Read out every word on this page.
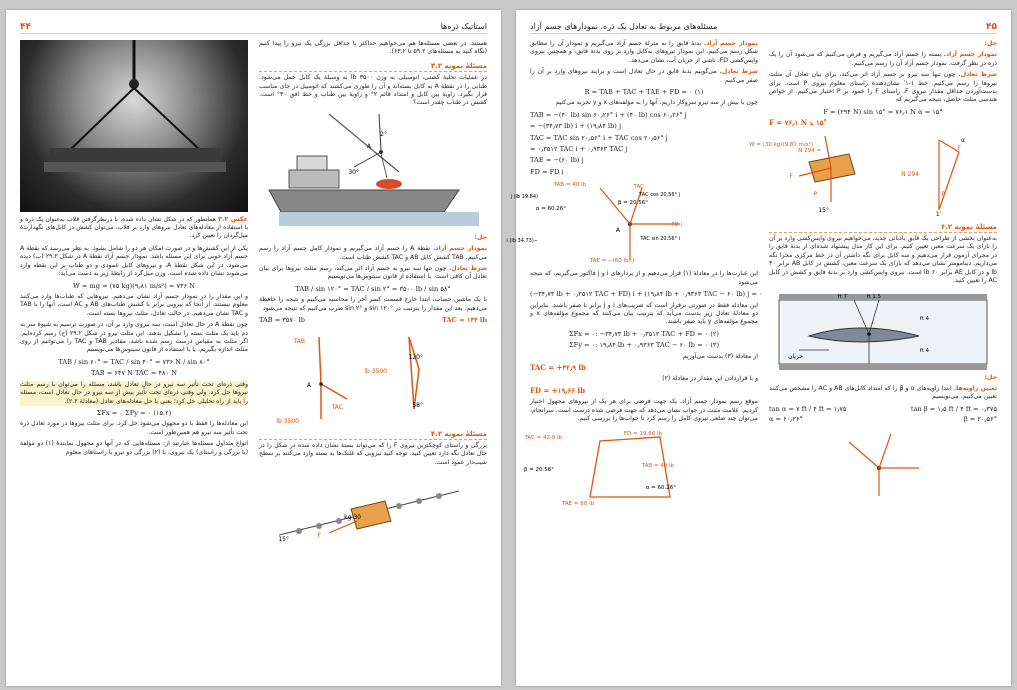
۴۴	استاتیک ذره‌ها
هستند. در بعضی مسئله‌ها هم می‌خواهیم حداکثر یا حداقل بزرگی یک نیرو را پیدا کنیم (نگاه کنید به مسئله‌های ۵۹.۲ تا ۶۳.۲).
مسئلهٔ نمونه ۳.۲
در عملیات تخلیهٔ کشتی، اتومبیلی به وزن ۳۵۰۰ lb به وسیلهٔ یک کابل حمل می‌شود. طنابی را در نقطهٔ A به کابل بسته‌اند و آن را طوری می‌کشند که اتومبیل در جای مناسب قرار بگیرد. زاویهٔ بین کابل و امتداد قائم ۲° و زاویهٔ بین طناب و خط افق ۳۰° است. کشش در طناب چقدر است؟
A
2°
30°
حل:
نمودار جسم آزاد. نقطهٔ A را جسم آزاد می‌گیریم و نمودار کامل جسم آزاد را رسم می‌کنیم. TAB کشش کابل AB و TAC کشش طناب است.
شرط تعادل. چون تنها سه نیرو به جسم آزاد اثر می‌کند، رسم مثلث نیروها برای بیان تعادل آن کافی است. با استفاده از قانون سینوس‌ها می‌نویسیم
TAB / sin ۱۲۰° = TAC / sin ۲° = ۳۵۰۰ lb / sin ۵۸°
با یک ماشین حساب، ابتدا خارج قسمت کسر آخر را محاسبه می‌کنیم و نتیجه را حافظهٔ می‌دهیم. بعد این مقدار را بترتیب در sin ۱۲۰° و sin ۲° ضرب می‌کنیم که نتیجه می‌شود
TAB = ۳۵۷۰ lb	TAC = ۱۴۴ lb
TAB
A
TAC
3500 lb
3500 lb
120°
58°
مسئلهٔ نمونه ۴.۲
بزرگی و راستای کوچکترین نیروی F را که می‌تواند بستهٔ نشان داده شده در شکل را در حال تعادل نگه دارد تعیین کنید. توجه کنید نیرویی که غلتک‌ها به بسته وارد می‌کنند بر سطح شیب‌دار عمود است.
30 kg
F
15°
عکس ۲.۲ همانطور که در شکل نشان داده شده، با درنظرگرفتن قلاب به‌عنوان یک ذره و با استفاده از معادله‌های تعادل نیروهای وارد بر قلاب، می‌توان کشش در کابل‌های نگهدارندهٔ میل‌گردان را تعیین کرد.
یکی از این کشش‌ها و در صورت امکان هر دو را شامل بشود. به نظر می‌رسد که نقطهٔ A جسم آزاد خوبی برای این مسئله باشد. نمودار جسم آزاد نقطهٔ A در شکل ۲۹.۲ (ب) دیده می‌شود. در این شکل نقطهٔ A، و نیروهای کابل عمودی و دو طناب بر این نقطه وارد می‌شوند نشان داده شده است. وزن میل‌گرد از رابطهٔ زیر به دست می‌آید:
W = mg = (۷۵ kg)(۹٫۸۱ m/s²) = ۷۳۶ N
و این مقدار را در نمودار جسم آزاد نشان می‌دهیم. نیروهایی که طناب‌ها وارد می‌کنند معلوم نیستند. از آنجا که نیرویی برابر با کشش طناب‌های AB و AC است، آنها را با TAB و TAC نشان می‌دهیم. در حالت تعادل، مثلث نیروها بسته است.
چون نقطهٔ A در حال تعادل است، سه نیروی وارد بر آن، در صورت ترسیم به شیوهٔ سر به دم باید یک مثلث بسته را تشکیل بدهند. این مثلث نیرو در شکل ۲۹.۲ (ج) رسم کرده‌ایم. اگر مثلث به مقیاس درست رسم شده باشد، مقادیر TAB و TAC را می‌توانیم از روی مثلث اندازه بگیریم، یا با استفاده از قانون سینوس‌ها می‌نویسیم
TAB / sin ۶۰° = TAC / sin ۴۰° = ۷۳۶ N / sin ۸۰°
TAB = ۶۴۷ N TAC = ۴۸۰ N
وقتی ذره‌ای تحت تأثیر سه نیرو در حال تعادل باشد، مسئله را می‌توان با رسم مثلث نیروها حل کرد. ولی وقتی ذره‌ای تحت تأثیر بیش از سه نیرو در حال تعادل است، مسئله را باید از راه تحلیلی حل کرد؛ یعنی با حل معادله‌های تعادل (معادلهٔ ۲.۲).
ΣFx = ۰ ΣFy = ۰ (۱۵.۲)
این معادله‌ها را فقط با دو مجهول می‌شود حل کرد. برای مثلث نیروها در مورد تعادل ذره تحت تأثیر سه نیرو هم همین‌طور است.
انواع متداول مسئله‌ها عبارتند از: مسئله‌هایی که در آنها دو مجهول نمایندهٔ (۱) دو مؤلفهٔ (یا بزرگی و راستای) یک نیروی، یا (۲) بزرگی دو نیرو با راستاهای معلوم
مسئله‌های مربوط به تعادل یک ذره. نمودارهای جسم آزاد	۴۵
حل:
نمودار جسم آزاد. بسته را جسم آزاد می‌گیریم و فرض می‌کنیم که می‌شود آن را یک ذره در نظر گرفت. نمودار جسم آزاد آن را رسم می‌کنیم.
شرط تعادل. چون تنها سه نیرو بر جسم آزاد اثر می‌کند، برای بیان تعادل آن مثلث نیروها را رسم می‌کنیم. خط ۱-۱′ نشان‌دهندهٔ راستای معلوم نیروی P است. برای بدست‌آوردن حداقل مقدار نیروی F، راستای F را عمود بر P اختیار می‌کنیم. از خواص هندسی مثلث حاصل، نتیجه می‌گیریم که
F = (۲۹۴ N) sin ۱۵° = ۷۶٫۱ N α = ۱۵°
F = ۷۶٫۱ N ⦣ ۱۵°
W = (30 kg)(9.81 m/s²)
= 294 N
F
P
15°
F
294 N
P
1′
α
مسئلهٔ نمونه ۶.۲
به‌عنوان بخشی از طراحی یک قایق بادبانی جدید، می‌خواهیم نیروی واپس‌کشی وارد بر آن را بازای یک سرعت معین تعیین کنیم. برای این کار مدل پیشنهاد شده‌ای از بدنهٔ قایق را در مجرای آزمون قرار می‌دهیم و سه کابل برای نگه داشتن آن در خط مرکزی مجرا نگه می‌داریم. دینامومتر نشان می‌دهد که بازای یک سرعت معین، کشش در کابل AB برابر ۴۰ lb و در کابل AE برابر ۶۰ lb است. نیروی واپس‌کشی وارد بر بدنهٔ قایق و کشش در کابل AC را تعیین کنید.
جریان
7 ft	1.5 ft
4 ft
4 ft
حل:
تعیین زاویه‌ها. ابتدا زاویه‌های α و β را که امتداد کابل‌های AB و AC را مشخص می‌کنند تعیین می‌کنیم. می‌نویسیم
tan α = ۷ ft / ۴ ft = ۱٫۷۵	tan β = ۱٫۵ ft / ۴ ft = ۰٫۳۷۵
α = ۶۰٫۲۶°	β = ۲۰٫۵۶°
نمودار جسم آزاد. بدنهٔ قایق را به منزلهٔ جسم آزاد می‌گیریم و نمودار آن را مطابق شکل رسم می‌کنیم. این نمودار نیروهای به‌کابل وارد بر روی بدنهٔ قایق، و همچنین نیروی واپس‌کشی FD، ناشی از جریان آب، نشان می‌دهد.
شرط تعادل. می‌گوییم بدنهٔ قایق در حال تعادل است و برایند نیروهای وارد بر آن را صفر می‌کنیم
R = TAB + TAC + TAE + FD = ۰ (۱)
چون با بیش از سه نیرو سروکار داریم، آنها را به مؤلفه‌های x و y تجزیه می‌کنیم
TAB = −(۴۰ lb) sin ۶۰٫۲۶° i + (۴۰ lb) cos ۶۰٫۲۶° j
= −(۳۴٫۷۳ lb) i + (۱۹٫۸۴ lb) j
TAC = TAC sin ۲۰٫۵۶° i + TAC cos ۲۰٫۵۶° j
= ۰٫۳۵۱۲ TAC i + ۰٫۹۳۶۳ TAC j
TAE = −(۶۰ lb) j
FD = FD i
TAB = 40 lb	TAC
FD i
TAE = −(60 lb) j
A
α = 60.26°
β = 20.56°
(19.84 lb) j
−(34.73 lb) i
TAC cos 20.56° j
TAC sin 20.56° i
این عبارت‌ها را در معادلهٔ (۱) قرار می‌دهیم و از بردارهای i و j فاکتور می‌گیریم، که نتیجه می‌شود
(−۳۴٫۷۳ lb + ۰٫۳۵۱۲ TAC + FD) i + (۱۹٫۸۴ lb + ۰٫۹۳۶۳ TAC − ۶۰ lb) j = ۰
این معادله فقط در صورتی برقرار است که ضریب‌های i و j برابر با صفر باشند. بنابراین دو معادلهٔ تعادل زیر بدست می‌آید که بترتیب بیان می‌کنند که مجموع مؤلفه‌های x و مجموع مؤلفه‌های y باید صفر باشند.
ΣFx = ۰: −۳۴٫۷۳ lb + ۰٫۳۵۱۲ TAC + FD = ۰ (۲)
ΣFy = ۰: ۱۹٫۸۴ lb + ۰٫۹۳۶۳ TAC − ۶۰ lb = ۰ (۳)
از معادلهٔ (۳) بدست می‌آوریم
TAC = +۴۲٫۹ lb
و با قراردادن این مقدار در معادلهٔ (۲)
FD = +۱۹٫۶۶ lb
موقع رسم نمودار جسم آزاد، یک جهت فرضی برای هر یک از نیروهای مجهول اختیار کردیم. علامت مثبت در جواب نشان می‌دهد که جهت فرضی شده درست است. سرانجام، می‌توان چند ضلعی نیروی کامل را رسم کرد تا جواب‌ها را بررسی کنیم.
TAC = 42.9 lb
FD = 19.66 lb
TAB = 40 lb
TAE = 60 lb
α = 60.26°
β = 20.56°
